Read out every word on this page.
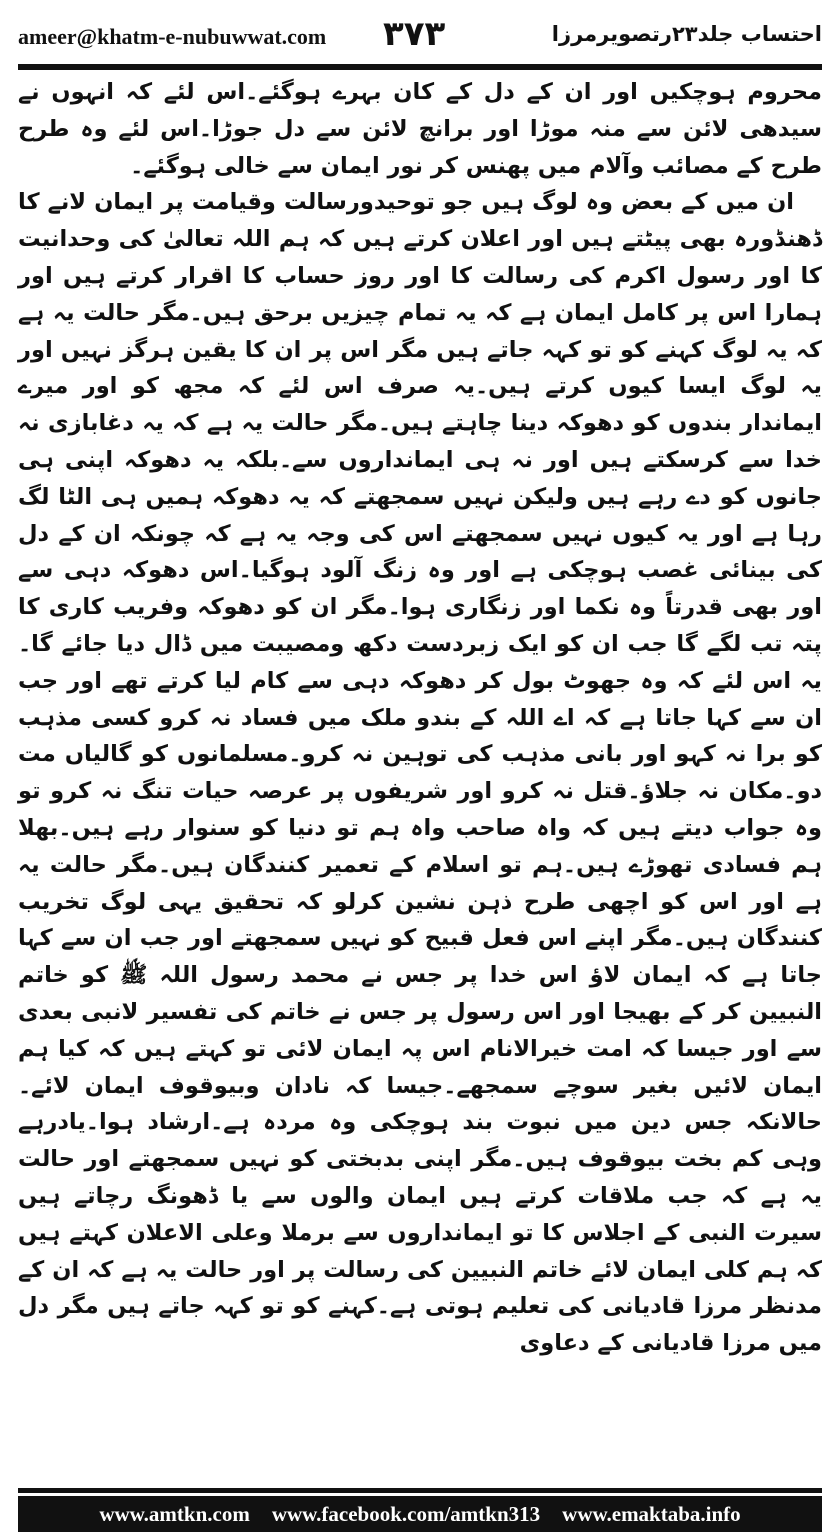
ameer@khatm-e-nubuwwat.com ۳۷۳	احتساب جلد۲۳رتصویرمرزا

محروم ہوچکیں اور ان کے دل کے کان بہرے ہوگئے۔اس لئے کہ انہوں نے سیدھی لائن سے منہ موڑا اور برانچ لائن سے دل جوڑا۔اس لئے وہ طرح طرح کے مصائب وآلام میں پھنس کر نور ایمان سے خالی ہوگئے۔

ان میں کے بعض وہ لوگ ہیں جو توحیدورسالت وقیامت پر ایمان لانے کا ڈھنڈورہ بھی پیٹتے ہیں اور اعلان کرتے ہیں کہ ہم اللہ تعالیٰ کی وحدانیت کا اور رسول اکرم کی رسالت کا اور روز حساب کا اقرار کرتے ہیں اور ہمارا اس پر کامل ایمان ہے کہ یہ تمام چیزیں برحق ہیں۔مگر حالت یہ ہے کہ یہ لوگ کہنے کو تو کہہ جاتے ہیں مگر اس پر ان کا یقین ہرگز نہیں اور یہ لوگ ایسا کیوں کرتے ہیں۔یہ صرف اس لئے کہ مجھ کو اور میرے ایماندار بندوں کو دھوکہ دینا چاہتے ہیں۔مگر حالت یہ ہے کہ یہ دغابازی نہ خدا سے کرسکتے ہیں اور نہ ہی ایمانداروں سے۔بلکہ یہ دھوکہ اپنی ہی جانوں کو دے رہے ہیں ولیکن نہیں سمجھتے کہ یہ دھوکہ ہمیں ہی الٹا لگ رہا ہے اور یہ کیوں نہیں سمجھتے اس کی وجہ یہ ہے کہ چونکہ ان کے دل کی بینائی غصب ہوچکی ہے اور وہ زنگ آلود ہوگیا۔اس دھوکہ دہی سے اور بھی قدرتاً وہ نکما اور زنگاری ہوا۔مگر ان کو دھوکہ وفریب کاری کا پتہ تب لگے گا جب ان کو ایک زبردست دکھ ومصیبت میں ڈال دیا جائے گا۔یہ اس لئے کہ وہ جھوٹ بول کر دھوکہ دہی سے کام لیا کرتے تھے اور جب ان سے کہا جاتا ہے کہ اے اللہ کے بندو ملک میں فساد نہ کرو کسی مذہب کو برا نہ کہو اور بانی مذہب کی توہین نہ کرو۔مسلمانوں کو گالیاں مت دو۔مکان نہ جلاؤ۔قتل نہ کرو اور شریفوں پر عرصہ حیات تنگ نہ کرو تو وہ جواب دیتے ہیں کہ واہ صاحب واہ ہم تو دنیا کو سنوار رہے ہیں۔بھلا ہم فسادی تھوڑے ہیں۔ہم تو اسلام کے تعمیر کنندگان ہیں۔مگر حالت یہ ہے اور اس کو اچھی طرح ذہن نشین کرلو کہ تحقیق یہی لوگ تخریب کنندگان ہیں۔مگر اپنے اس فعل قبیح کو نہیں سمجھتے اور جب ان سے کہا جاتا ہے کہ ایمان لاؤ اس خدا پر جس نے محمد رسول اللہ ﷺ کو خاتم النبیین کر کے بھیجا اور اس رسول پر جس نے خاتم کی تفسیر لانبی بعدی سے اور جیسا کہ امت خیرالانام اس پہ ایمان لائی تو کہتے ہیں کہ کیا ہم ایمان لائیں بغیر سوچے سمجھے۔جیسا کہ نادان وبیوقوف ایمان لائے۔حالانکہ جس دین میں نبوت بند ہوچکی وہ مردہ ہے۔ارشاد ہوا۔یادرہے وہی کم بخت بیوقوف ہیں۔مگر اپنی بدبختی کو نہیں سمجھتے اور حالت یہ ہے کہ جب ملاقات کرتے ہیں ایمان والوں سے یا ڈھونگ رچاتے ہیں سیرت النبی کے اجلاس کا تو ایمانداروں سے برملا وعلی الاعلان کہتے ہیں کہ ہم کلی ایمان لائے خاتم النبیین کی رسالت پر اور حالت یہ ہے کہ ان کے مدنظر مرزا قادیانی کی تعلیم ہوتی ہے۔کہنے کو تو کہہ جاتے ہیں مگر دل میں مرزا قادیانی کے دعاوی

www.amtkn.com www.facebook.com/amtkn313 www.emaktaba.info
